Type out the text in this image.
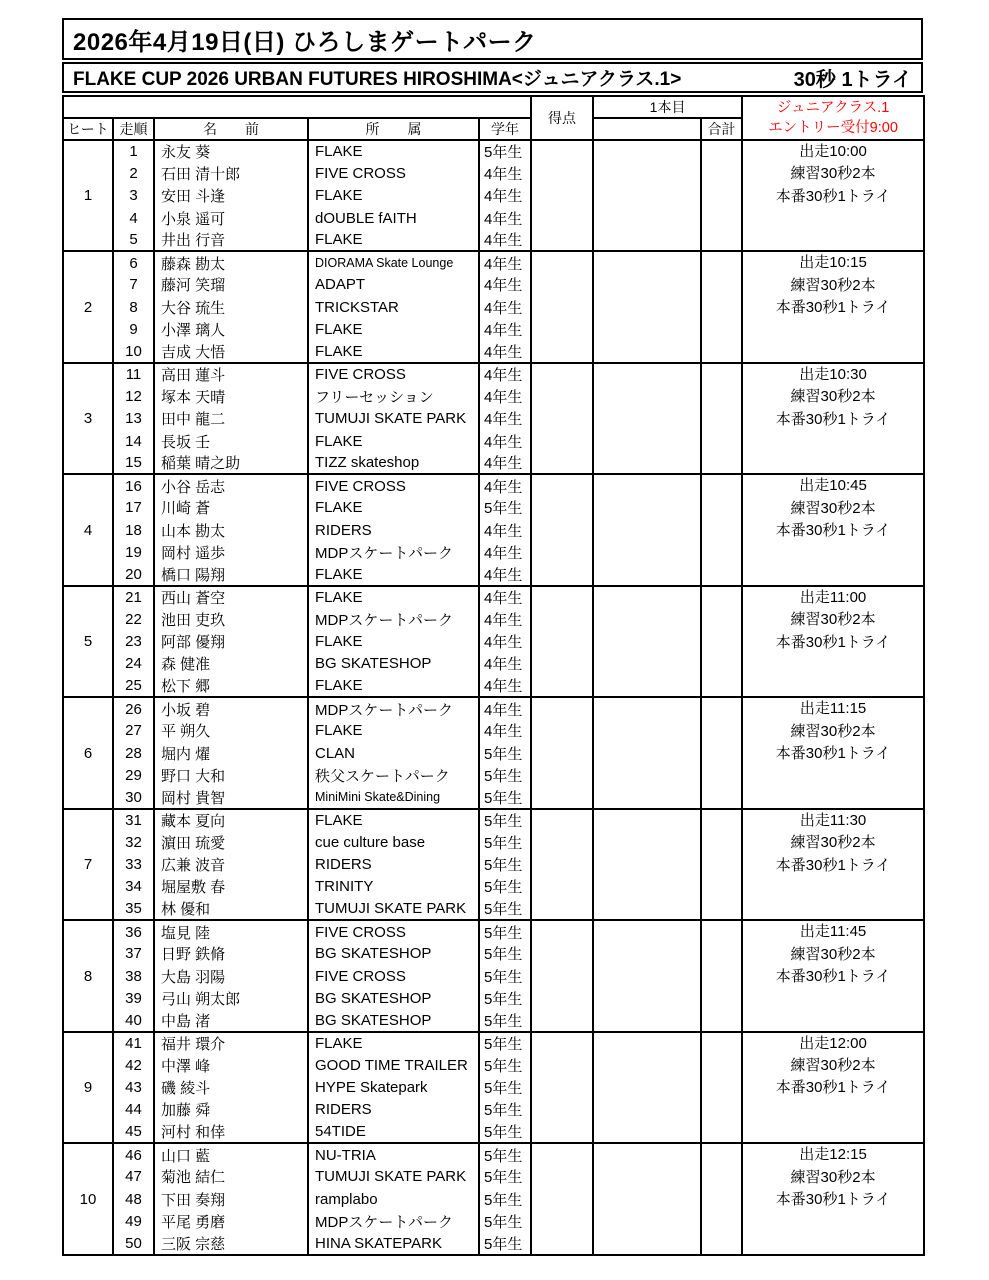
2026年4月19日(日) ひろしまゲートパーク
FLAKE CUP 2026 URBAN FUTURES HIROSHIMA<ジュニアクラス.1>	30秒 1トライ
					得点	1本目		ジュニアクラス.1
エントリー受付9:00

ヒート	走順	名　　前	所　　属	学年			合計	
1	1	永友 葵	FLAKE	5年生				出走10:00
練習30秒2本
本番30秒1トライ

	2	石田 清十郎	FIVE CROSS	4年生				
	3	安田 斗逢	FLAKE	4年生				
	4	小泉 遥可	dOUBLE fAITH	4年生				
	5	井出 行音	FLAKE	4年生				
2	6	藤森 勘太	DIORAMA Skate Lounge	4年生				出走10:15
練習30秒2本
本番30秒1トライ

	7	藤河 笑瑠	ADAPT	4年生				
	8	大谷 琉生	TRICKSTAR	4年生				
	9	小澤 璃人	FLAKE	4年生				
	10	吉成 大悟	FLAKE	4年生				
3	11	高田 蓮斗	FIVE CROSS	4年生				出走10:30
練習30秒2本
本番30秒1トライ

	12	塚本 天晴	フリーセッション	4年生				
	13	田中 龍二	TUMUJI SKATE PARK	4年生				
	14	長坂 壬	FLAKE	4年生				
	15	稲葉 晴之助	TIZZ skateshop	4年生				
4	16	小谷 岳志	FIVE CROSS	4年生				出走10:45
練習30秒2本
本番30秒1トライ

	17	川崎 蒼	FLAKE	5年生				
	18	山本 勘太	RIDERS	4年生				
	19	岡村 遥歩	MDPスケートパーク	4年生				
	20	橋口 陽翔	FLAKE	4年生				
5	21	西山 蒼空	FLAKE	4年生				出走11:00
練習30秒2本
本番30秒1トライ

	22	池田 吏玖	MDPスケートパーク	4年生				
	23	阿部 優翔	FLAKE	4年生				
	24	森 健准	BG SKATESHOP	4年生				
	25	松下 郷	FLAKE	4年生				
6	26	小坂 碧	MDPスケートパーク	4年生				出走11:15
練習30秒2本
本番30秒1トライ

	27	平 朔久	FLAKE	4年生				
	28	堀内 燿	CLAN	5年生				
	29	野口 大和	秩父スケートパーク	5年生				
	30	岡村 貴智	MiniMini Skate&Dining	5年生				
7	31	藏本 夏向	FLAKE	5年生				出走11:30
練習30秒2本
本番30秒1トライ

	32	濵田 琉愛	cue culture base	5年生				
	33	広兼 波音	RIDERS	5年生				
	34	堀屋敷 春	TRINITY	5年生				
	35	林 優和	TUMUJI SKATE PARK	5年生				
8	36	塩見 陸	FIVE CROSS	5年生				出走11:45
練習30秒2本
本番30秒1トライ

	37	日野 鉄脩	BG SKATESHOP	5年生				
	38	大島 羽陽	FIVE CROSS	5年生				
	39	弓山 朔太郎	BG SKATESHOP	5年生				
	40	中島 渚	BG SKATESHOP	5年生				
9	41	福井 環介	FLAKE	5年生				出走12:00
練習30秒2本
本番30秒1トライ

	42	中澤 峰	GOOD TIME TRAILER	5年生				
	43	磯 綾斗	HYPE Skatepark	5年生				
	44	加藤 舜	RIDERS	5年生				
	45	河村 和倖	54TIDE	5年生				
10	46	山口 藍	NU-TRIA	5年生				出走12:15
練習30秒2本
本番30秒1トライ

	47	菊池 結仁	TUMUJI SKATE PARK	5年生				
	48	下田 奏翔	ramplabo	5年生				
	49	平尾 勇磨	MDPスケートパーク	5年生				
	50	三阪 宗慈	HINA SKATEPARK	5年生				
